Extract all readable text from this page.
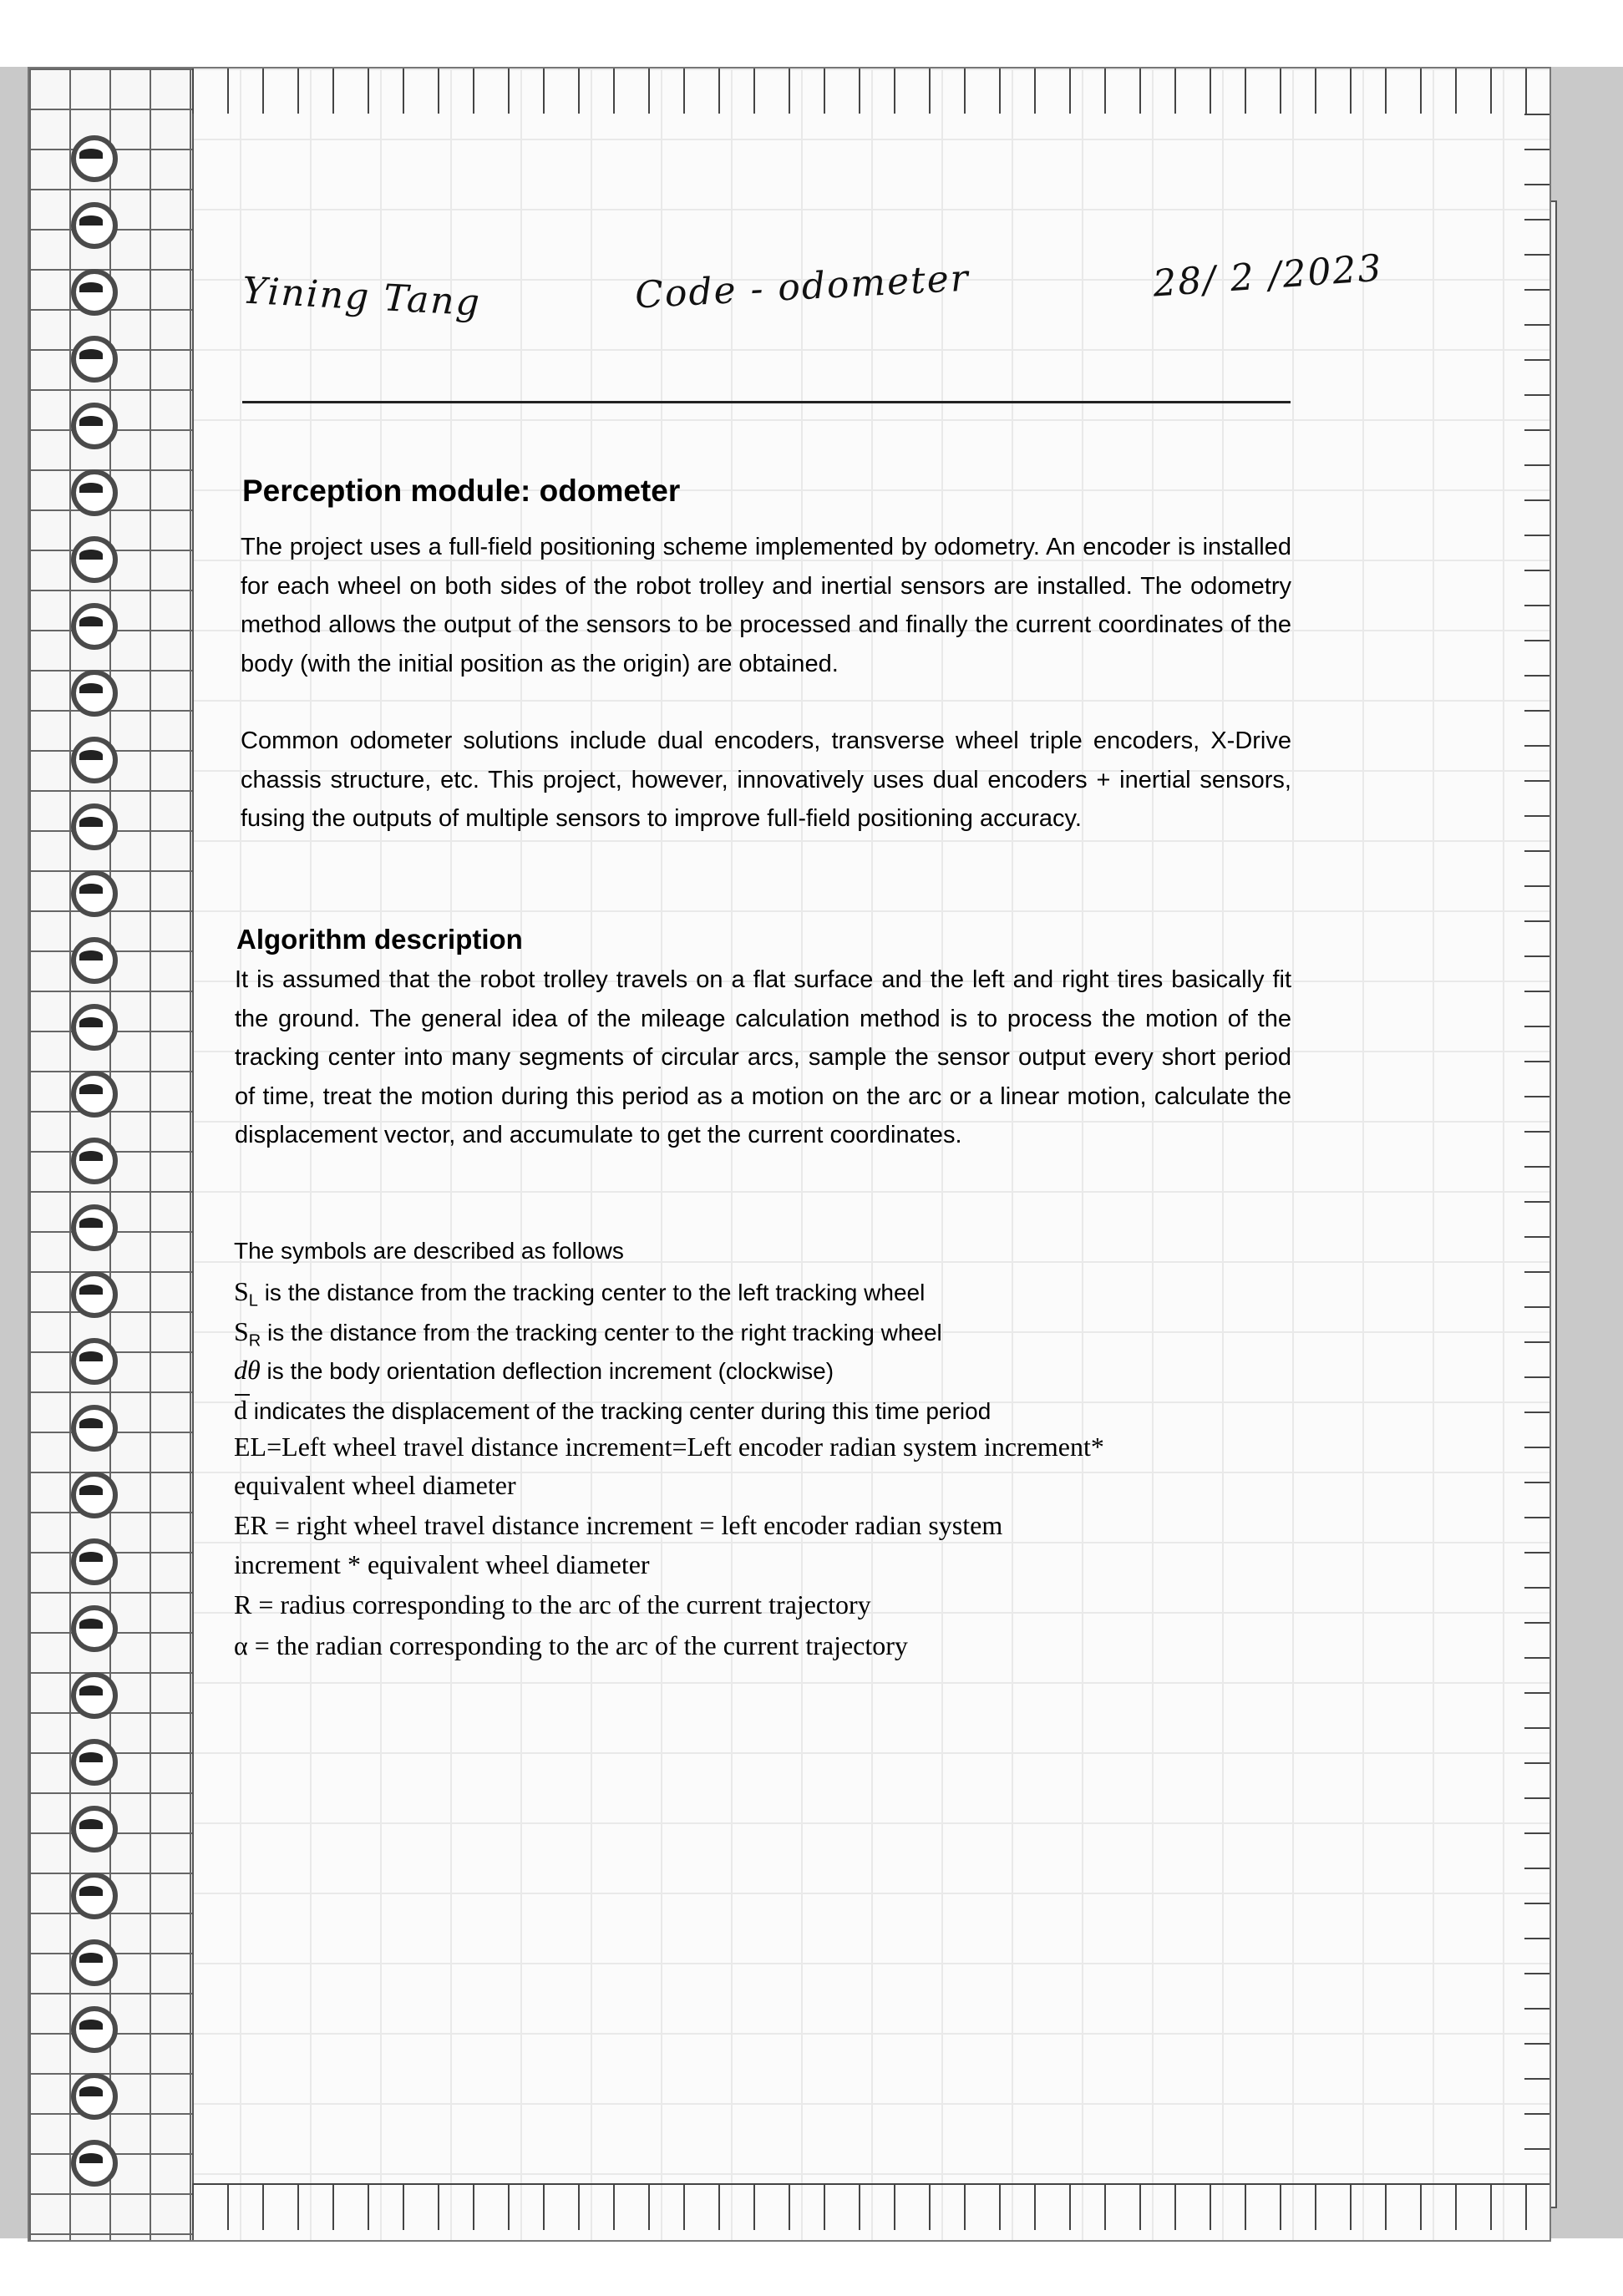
Yining Tang	Code - odometer	28/ 2 /2023
Perception module: odometer

The project uses a full-field positioning scheme implemented by odometry. An encoder is installed for each wheel on both sides of the robot trolley and inertial sensors are installed. The odometry method allows the output of the sensors to be processed and finally the current coordinates of the body (with the initial position as the origin) are obtained.

Common odometer solutions include dual encoders, transverse wheel triple encoders, X-Drive chassis structure, etc. This project, however, innovatively uses dual encoders + inertial sensors, fusing the outputs of multiple sensors to improve full-field positioning accuracy.

Algorithm description

It is assumed that the robot trolley travels on a flat surface and the left and right tires basically fit the ground. The general idea of the mileage calculation method is to process the motion of the tracking center into many segments of circular arcs, sample the sensor output every short period of time, treat the motion during this period as a motion on the arc or a linear motion, calculate the displacement vector, and accumulate to get the current coordinates.

The symbols are described as follows

$S_L$ is the distance from the tracking center to the left tracking wheel

$S_R$ is the distance from the tracking center to the right tracking wheel

dθ is the body orientation deflection increment (clockwise)

d indicates the displacement of the tracking center during this time period

EL=Left wheel travel distance increment=Left encoder radian system increment*

equivalent wheel diameter

ER = right wheel travel distance increment = left encoder radian system

increment * equivalent wheel diameter

R = radius corresponding to the arc of the current trajectory

α = the radian corresponding to the arc of the current trajectory
